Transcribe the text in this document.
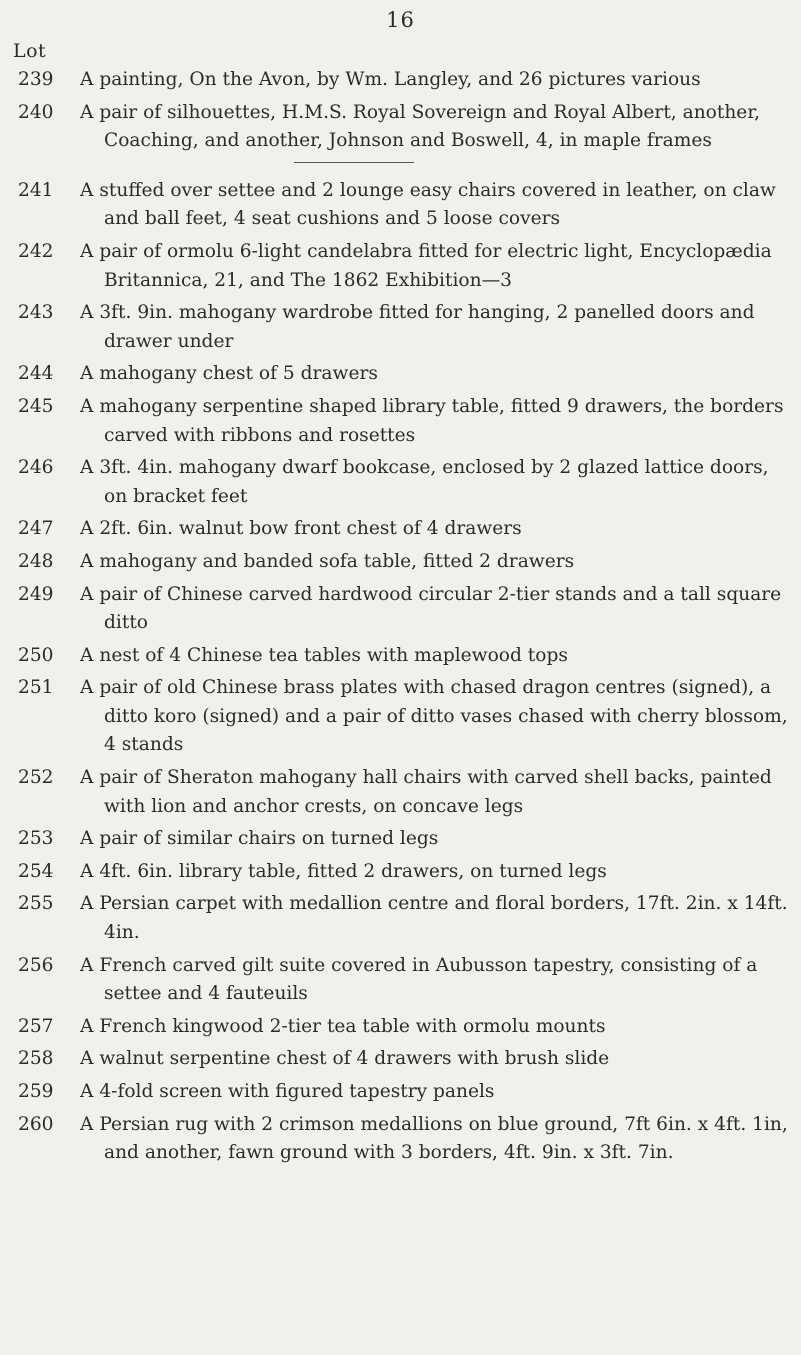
16
Lot
239	A painting, On the Avon, by Wm. Langley, and 26 pictures various
240	A pair of silhouettes, H.M.S. Royal Sovereign and Royal Albert, another, Coaching, and another, Johnson and Boswell, 4, in maple frames
241	A stuffed over settee and 2 lounge easy chairs covered in leather, on claw and ball feet, 4 seat cushions and 5 loose covers
242	A pair of ormolu 6-light candelabra fitted for electric light, Encyclopædia Britannica, 21, and The 1862 Exhibition—3
243	A 3ft. 9in. mahogany wardrobe fitted for hanging, 2 panelled doors and drawer under
244	A mahogany chest of 5 drawers
245	A mahogany serpentine shaped library table, fitted 9 drawers, the borders carved with ribbons and rosettes
246	A 3ft. 4in. mahogany dwarf bookcase, enclosed by 2 glazed lattice doors, on bracket feet
247	A 2ft. 6in. walnut bow front chest of 4 drawers
248	A mahogany and banded sofa table, fitted 2 drawers
249	A pair of Chinese carved hardwood circular 2-tier stands and a tall square ditto
250	A nest of 4 Chinese tea tables with maplewood tops
251	A pair of old Chinese brass plates with chased dragon centres (signed), a ditto koro (signed) and a pair of ditto vases chased with cherry blossom, 4 stands
252	A pair of Sheraton mahogany hall chairs with carved shell backs, painted with lion and anchor crests, on concave legs
253	A pair of similar chairs on turned legs
254	A 4ft. 6in. library table, fitted 2 drawers, on turned legs
255	A Persian carpet with medallion centre and floral borders, 17ft. 2in. x 14ft. 4in.
256	A French carved gilt suite covered in Aubusson tapestry, consisting of a settee and 4 fauteuils
257	A French kingwood 2-tier tea table with ormolu mounts
258	A walnut serpentine chest of 4 drawers with brush slide
259	A 4-fold screen with figured tapestry panels
260	A Persian rug with 2 crimson medallions on blue ground, 7ft 6in. x 4ft. 1in, and another, fawn ground with 3 borders, 4ft. 9in. x 3ft. 7in.
